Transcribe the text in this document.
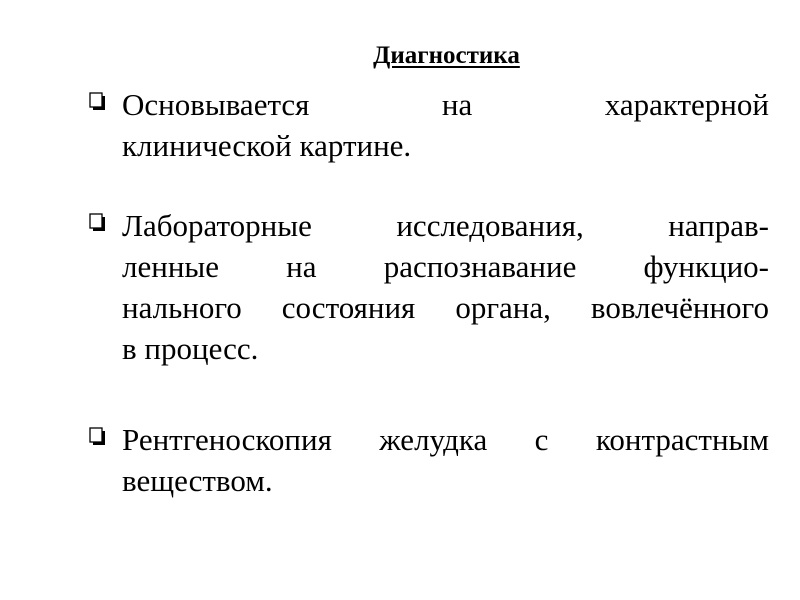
Диагностика
Основывается на характерной
клинической картине.
Лабораторные исследования, направ-
ленные на распознавание функцио-
нального состояния органа, вовлечённого
в процесс.
Рентгеноскопия желудка с контрастным
веществом.
